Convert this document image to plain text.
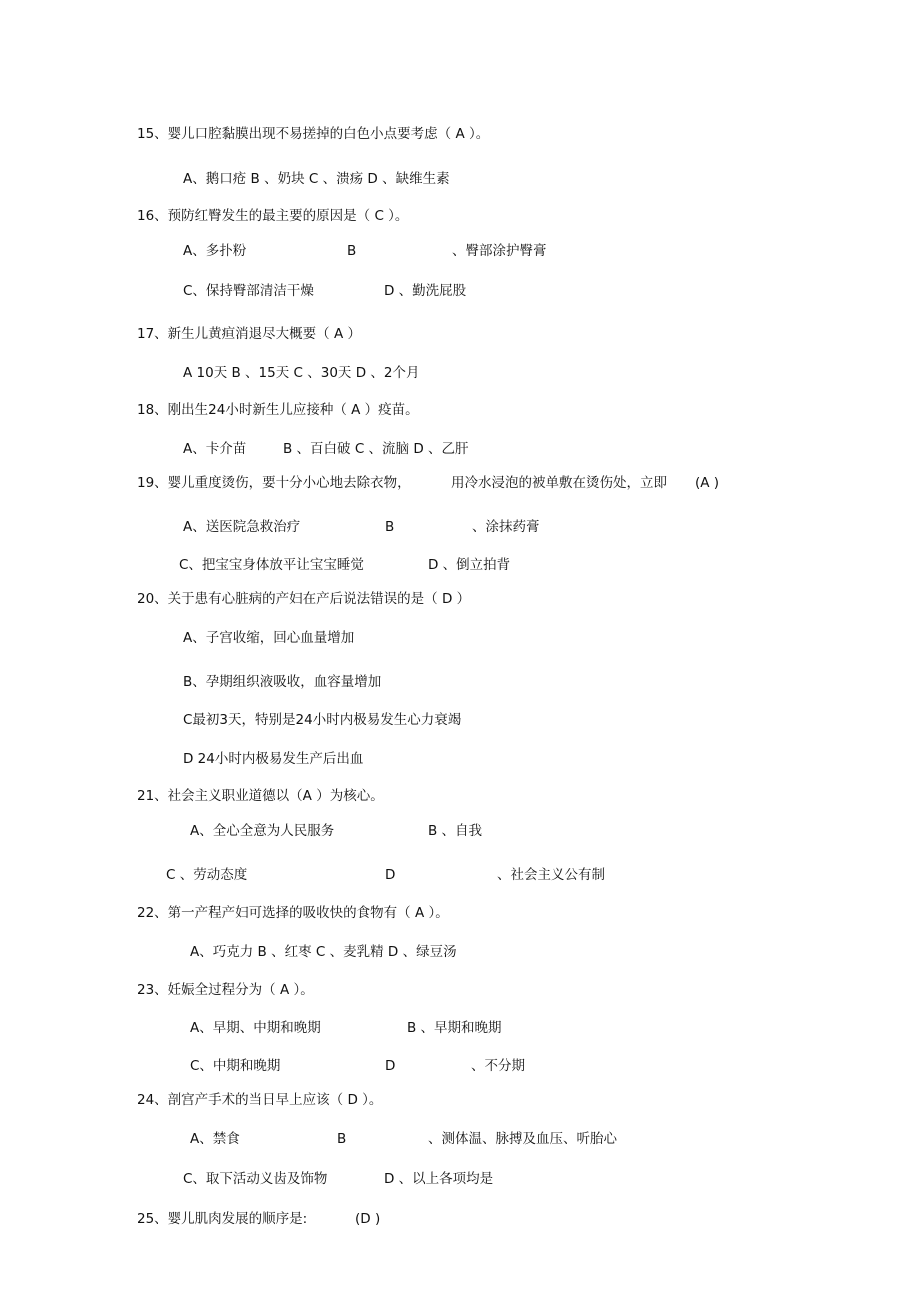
15、婴儿口腔黏膜出现不易搓掉的白色小点要考虑（ A ）。
A、鹅口疮 B 、奶块 C 、溃疡 D 、缺维生素
16、预防红臀发生的最主要的原因是（ C ）。
A、多扑粉	B	、臀部涂护臀膏
C、保持臀部清洁干燥	D 、勤洗屁股
17、新生儿黄疸消退尽大概要（ A ）
A 10天 B 、15天 C 、30天 D 、2个月
18、刚出生24小时新生儿应接种（ A ）疫苗。
A、卡介苗	B 、百白破 C 、流脑 D 、乙肝
19、婴儿重度烫伤，要十分小心地去除衣物，	用冷水浸泡的被单敷在烫伤处，立即 (A )
A、送医院急救治疗	B	、涂抹药膏
C、把宝宝身体放平让宝宝睡觉	D 、倒立拍背
20、关于患有心脏病的产妇在产后说法错误的是（ D ）
A、子宫收缩，回心血量增加
B、孕期组织液吸收，血容量增加
C最初3天，特别是24小时内极易发生心力衰竭
D 24小时内极易发生产后出血
21、社会主义职业道德以（A ）为核心。
A、全心全意为人民服务	B 、自我
C 、劳动态度	D	、社会主义公有制
22、第一产程产妇可选择的吸收快的食物有（ A ）。
A、巧克力 B 、红枣 C 、麦乳精 D 、绿豆汤
23、妊娠全过程分为（ A ）。
A、早期、中期和晚期	B 、早期和晚期
C、中期和晚期	D	、不分期
24、剖宫产手术的当日早上应该（ D ）。
A、禁食	B	、测体温、脉搏及血压、听胎心
C、取下活动义齿及饰物	D 、以上各项均是
25、婴儿肌肉发展的顺序是:	(D )
